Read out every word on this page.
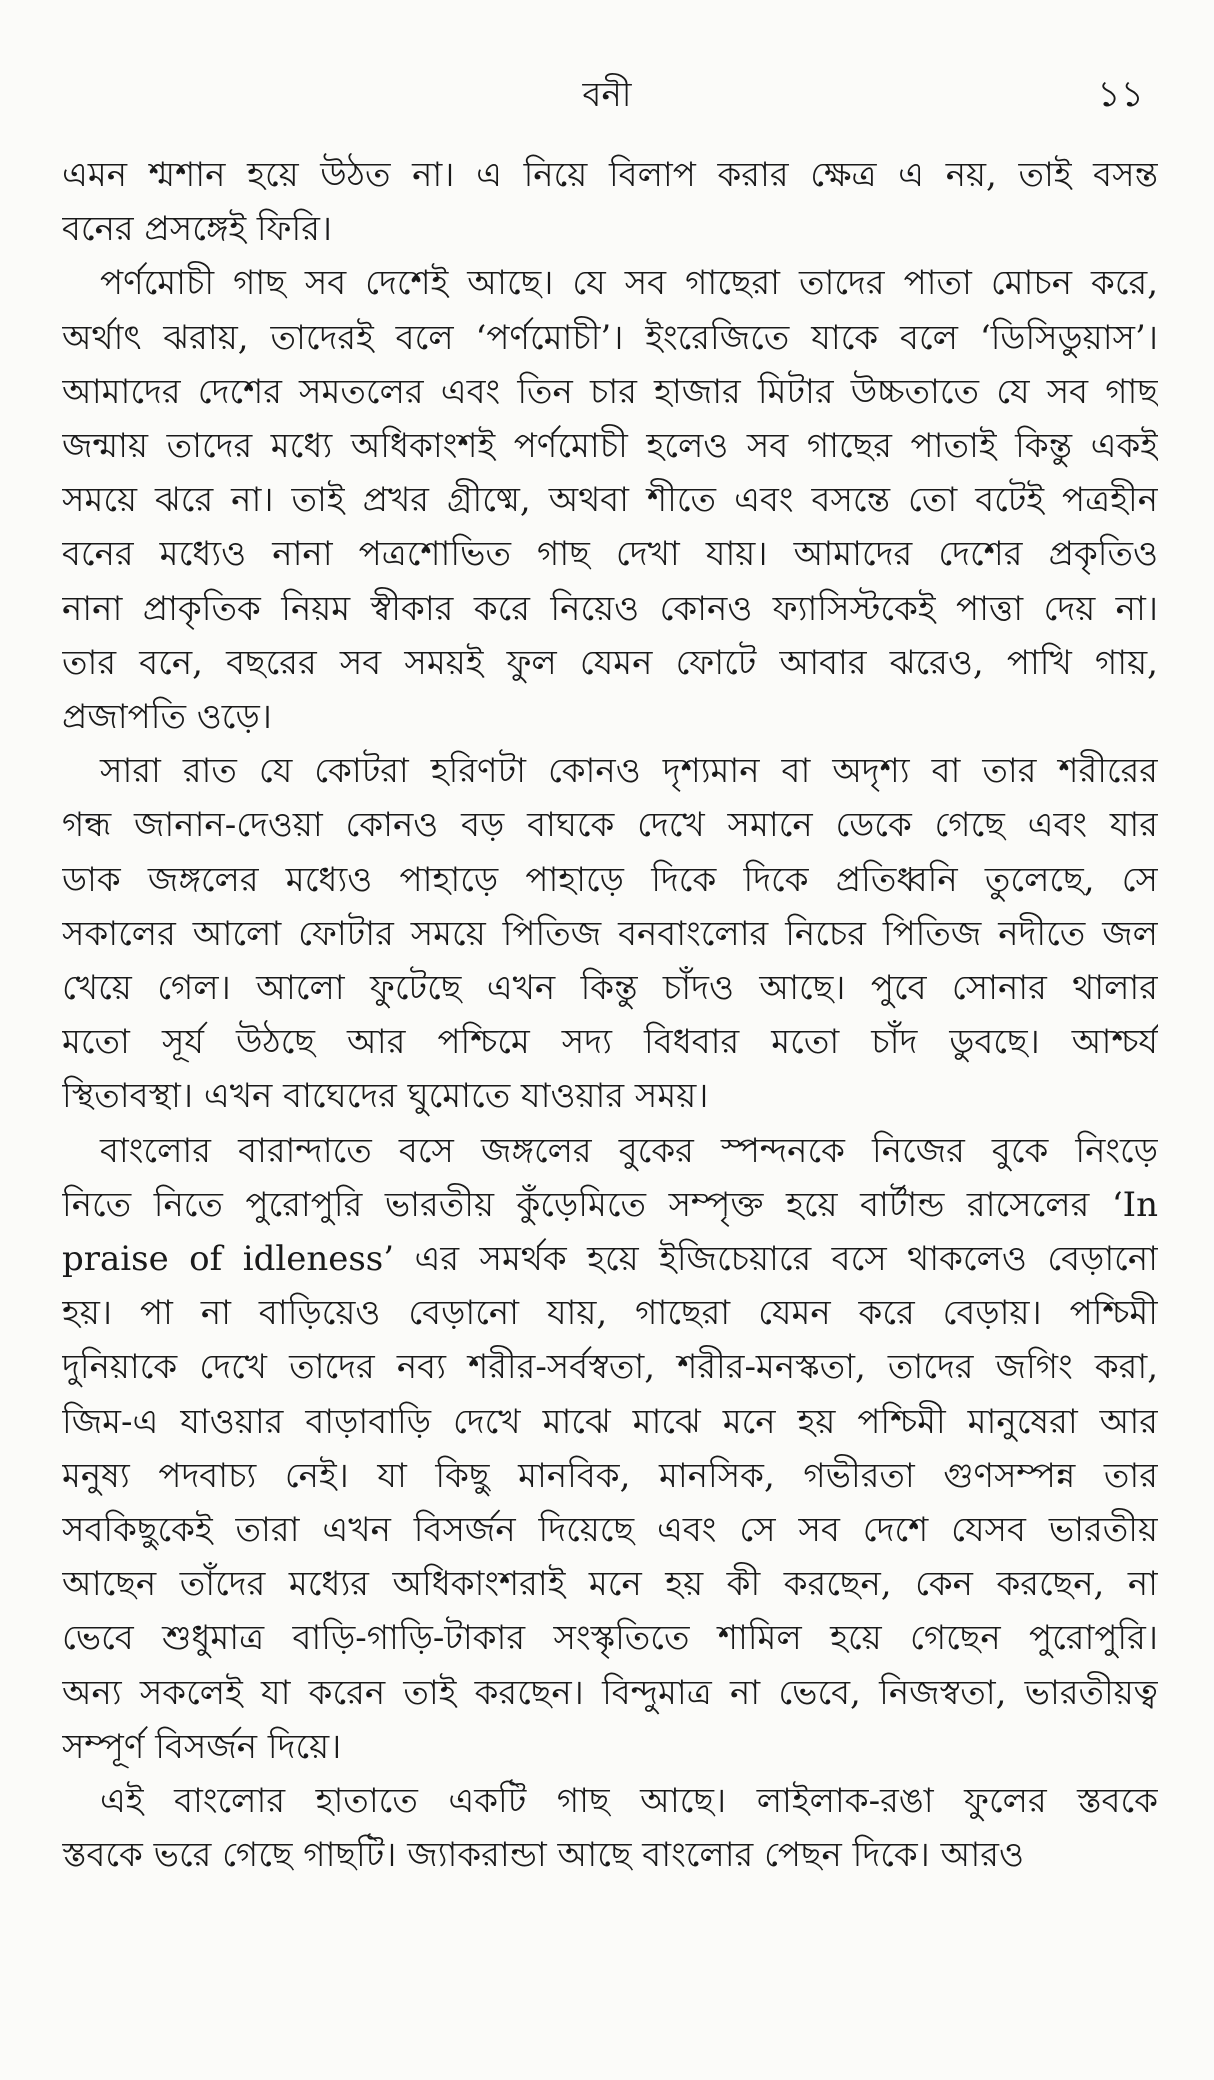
বনী	১১
এমন শ্মশান হয়ে উঠত না। এ নিয়ে বিলাপ করার ক্ষেত্র এ নয়, তাই বসন্ত
বনের প্রসঙ্গেই ফিরি।
পর্ণমোচী গাছ সব দেশেই আছে। যে সব গাছেরা তাদের পাতা মোচন করে,
অর্থাৎ ঝরায়, তাদেরই বলে ‘পর্ণমোচী’। ইংরেজিতে যাকে বলে ‘ডিসিডুয়াস’।
আমাদের দেশের সমতলের এবং তিন চার হাজার মিটার উচ্চতাতে যে সব গাছ
জন্মায় তাদের মধ্যে অধিকাংশই পর্ণমোচী হলেও সব গাছের পাতাই কিন্তু একই
সময়ে ঝরে না। তাই প্রখর গ্রীষ্মে, অথবা শীতে এবং বসন্তে তো বটেই পত্রহীন
বনের মধ্যেও নানা পত্রশোভিত গাছ দেখা যায়। আমাদের দেশের প্রকৃতিও
নানা প্রাকৃতিক নিয়ম স্বীকার করে নিয়েও কোনও ফ্যাসিস্টকেই পাত্তা দেয় না।
তার বনে, বছরের সব সময়ই ফুল যেমন ফোটে আবার ঝরেও, পাখি গায়,
প্রজাপতি ওড়ে।
সারা রাত যে কোটরা হরিণটা কোনও দৃশ্যমান বা অদৃশ্য বা তার শরীরের
গন্ধ জানান-দেওয়া কোনও বড় বাঘকে দেখে সমানে ডেকে গেছে এবং যার
ডাক জঙ্গলের মধ্যেও পাহাড়ে পাহাড়ে দিকে দিকে প্রতিধ্বনি তুলেছে, সে
সকালের আলো ফোটার সময়ে পিতিজ বনবাংলোর নিচের পিতিজ নদীতে জল
খেয়ে গেল। আলো ফুটেছে এখন কিন্তু চাঁদও আছে। পুবে সোনার থালার
মতো সূর্য উঠছে আর পশ্চিমে সদ্য বিধবার মতো চাঁদ ডুবছে। আশ্চর্য
স্থিতাবস্থা। এখন বাঘেদের ঘুমোতে যাওয়ার সময়।
বাংলোর বারান্দাতে বসে জঙ্গলের বুকের স্পন্দনকে নিজের বুকে নিংড়ে
নিতে নিতে পুরোপুরি ভারতীয় কুঁড়েমিতে সম্পৃক্ত হয়ে বার্টান্ড রাসেলের ‘In
praise of idleness’ এর সমর্থক হয়ে ইজিচেয়ারে বসে থাকলেও বেড়ানো
হয়। পা না বাড়িয়েও বেড়ানো যায়, গাছেরা যেমন করে বেড়ায়। পশ্চিমী
দুনিয়াকে দেখে তাদের নব্য শরীর-সর্বস্বতা, শরীর-মনস্কতা, তাদের জগিং করা,
জিম-এ যাওয়ার বাড়াবাড়ি দেখে মাঝে মাঝে মনে হয় পশ্চিমী মানুষেরা আর
মনুষ্য পদবাচ্য নেই। যা কিছু মানবিক, মানসিক, গভীরতা গুণসম্পন্ন তার
সবকিছুকেই তারা এখন বিসর্জন দিয়েছে এবং সে সব দেশে যেসব ভারতীয়
আছেন তাঁদের মধ্যের অধিকাংশরাই মনে হয় কী করছেন, কেন করছেন, না
ভেবে শুধুমাত্র বাড়ি-গাড়ি-টাকার সংস্কৃতিতে শামিল হয়ে গেছেন পুরোপুরি।
অন্য সকলেই যা করেন তাই করছেন। বিন্দুমাত্র না ভেবে, নিজস্বতা, ভারতীয়ত্ব
সম্পূর্ণ বিসর্জন দিয়ে।
এই বাংলোর হাতাতে একটি গাছ আছে। লাইলাক-রঙা ফুলের স্তবকে
স্তবকে ভরে গেছে গাছটি। জ্যাকরান্ডা আছে বাংলোর পেছন দিকে। আরও
